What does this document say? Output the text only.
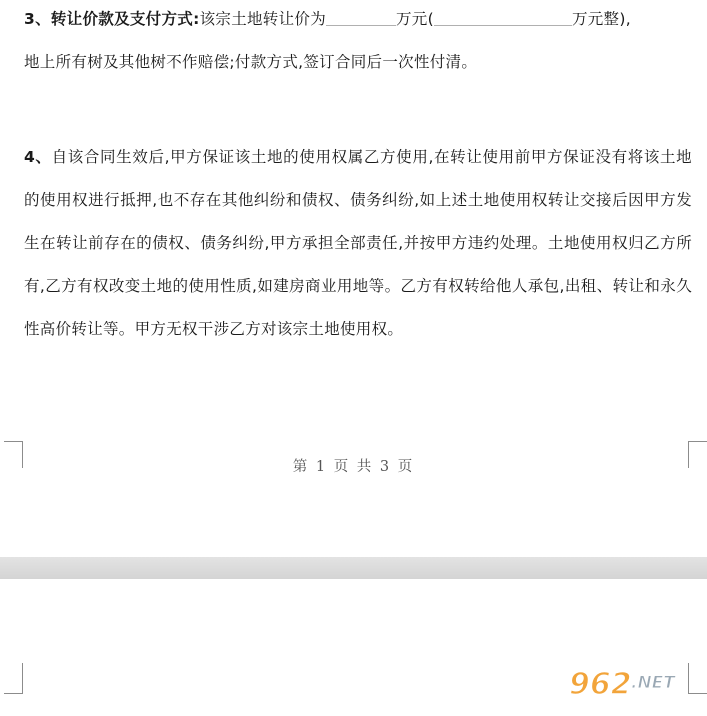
3、转让价款及支付方式:该宗土地转让价为	万元(	万元整),
地上所有树及其他树不作赔偿;付款方式,签订合同后一次性付清。
4、自该合同生效后,甲方保证该土地的使用权属乙方使用,在转让使用前甲方保证没有将该土地的使用权进行抵押,也不存在其他纠纷和债权、债务纠纷,如上述土地使用权转让交接后因甲方发生在转让前存在的债权、债务纠纷,甲方承担全部责任,并按甲方违约处理。土地使用权归乙方所有,乙方有权改变土地的使用性质,如建房商业用地等。乙方有权转给他人承包,出租、转让和永久性高价转让等。甲方无权干涉乙方对该宗土地使用权。
第 1 页 共 3 页
962 .NET
乐游网
